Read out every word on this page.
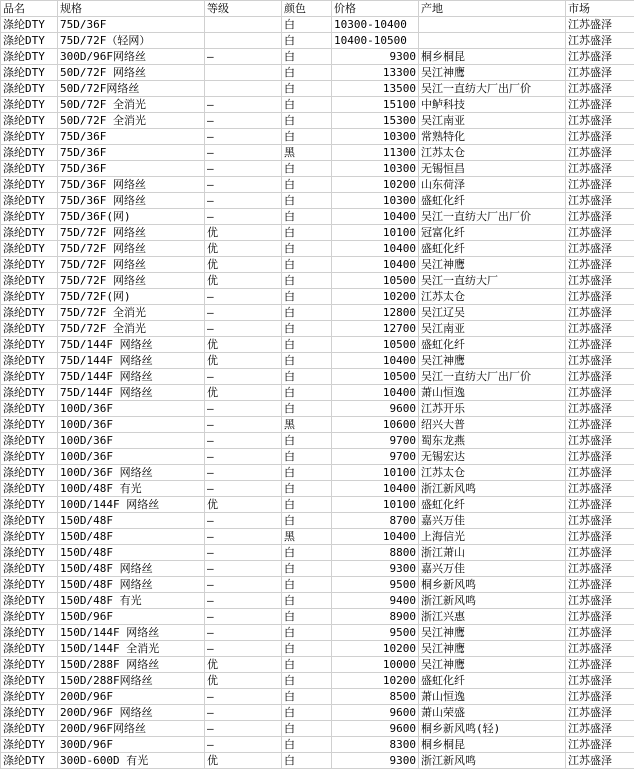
品名	规格	等级	颜色	价格	产地	市场
涤纶DTY	75D/36F		白	10300-10400		江苏盛泽
涤纶DTY	75D/72F（轻网）		白	10400-10500		江苏盛泽
涤纶DTY	300D/96F网络丝	—	白	9300	桐乡桐昆	江苏盛泽
涤纶DTY	50D/72F 网络丝		白	13300	吴江神鹰	江苏盛泽
涤纶DTY	50D/72F网络丝		白	13500	吴江一直纺大厂出厂价	江苏盛泽
涤纶DTY	50D/72F 全消光	—	白	15100	中鲈科技	江苏盛泽
涤纶DTY	50D/72F 全消光	—	白	15300	吴江南亚	江苏盛泽
涤纶DTY	75D/36F	—	白	10300	常熟特化	江苏盛泽
涤纶DTY	75D/36F	—	黑	11300	江苏太仓	江苏盛泽
涤纶DTY	75D/36F	—	白	10300	无锡恒昌	江苏盛泽
涤纶DTY	75D/36F 网络丝	—	白	10200	山东荷泽	江苏盛泽
涤纶DTY	75D/36F 网络丝	—	白	10300	盛虹化纤	江苏盛泽
涤纶DTY	75D/36F(网)	—	白	10400	吴江一直纺大厂出厂价	江苏盛泽
涤纶DTY	75D/72F 网络丝	优	白	10100	冠富化纤	江苏盛泽
涤纶DTY	75D/72F 网络丝	优	白	10400	盛虹化纤	江苏盛泽
涤纶DTY	75D/72F 网络丝	优	白	10400	吴江神鹰	江苏盛泽
涤纶DTY	75D/72F 网络丝	优	白	10500	吴江一直纺大厂	江苏盛泽
涤纶DTY	75D/72F(网)	—	白	10200	江苏太仓	江苏盛泽
涤纶DTY	75D/72F 全消光	—	白	12800	吴江辽吴	江苏盛泽
涤纶DTY	75D/72F 全消光	—	白	12700	吴江南亚	江苏盛泽
涤纶DTY	75D/144F 网络丝	优	白	10500	盛虹化纤	江苏盛泽
涤纶DTY	75D/144F 网络丝	优	白	10400	吴江神鹰	江苏盛泽
涤纶DTY	75D/144F 网络丝	—	白	10500	吴江一直纺大厂出厂价	江苏盛泽
涤纶DTY	75D/144F 网络丝	优	白	10400	萧山恒逸	江苏盛泽
涤纶DTY	100D/36F	—	白	9600	江苏开乐	江苏盛泽
涤纶DTY	100D/36F	—	黑	10600	绍兴大普	江苏盛泽
涤纶DTY	100D/36F	—	白	9700	蜀东龙燕	江苏盛泽
涤纶DTY	100D/36F	—	白	9700	无锡宏达	江苏盛泽
涤纶DTY	100D/36F 网络丝	—	白	10100	江苏太仓	江苏盛泽
涤纶DTY	100D/48F 有光	—	白	10400	浙江新风鸣	江苏盛泽
涤纶DTY	100D/144F 网络丝	优	白	10100	盛虹化纤	江苏盛泽
涤纶DTY	150D/48F	—	白	8700	嘉兴万佳	江苏盛泽
涤纶DTY	150D/48F	—	黑	10400	上海信光	江苏盛泽
涤纶DTY	150D/48F	—	白	8800	浙江萧山	江苏盛泽
涤纶DTY	150D/48F 网络丝	—	白	9300	嘉兴万佳	江苏盛泽
涤纶DTY	150D/48F 网络丝	—	白	9500	桐乡新风鸣	江苏盛泽
涤纶DTY	150D/48F 有光	—	白	9400	浙江新风鸣	江苏盛泽
涤纶DTY	150D/96F	—	白	8900	浙江兴惠	江苏盛泽
涤纶DTY	150D/144F 网络丝	—	白	9500	吴江神鹰	江苏盛泽
涤纶DTY	150D/144F 全消光	—	白	10200	吴江神鹰	江苏盛泽
涤纶DTY	150D/288F 网络丝	优	白	10000	吴江神鹰	江苏盛泽
涤纶DTY	150D/288F网络丝	优	白	10200	盛虹化纤	江苏盛泽
涤纶DTY	200D/96F	—	白	8500	萧山恒逸	江苏盛泽
涤纶DTY	200D/96F 网络丝	—	白	9600	萧山荣盛	江苏盛泽
涤纶DTY	200D/96F网络丝	—	白	9600	桐乡新风鸣(轻)	江苏盛泽
涤纶DTY	300D/96F	—	白	8300	桐乡桐昆	江苏盛泽
涤纶DTY	300D-600D 有光	优	白	9300	浙江新风鸣	江苏盛泽
